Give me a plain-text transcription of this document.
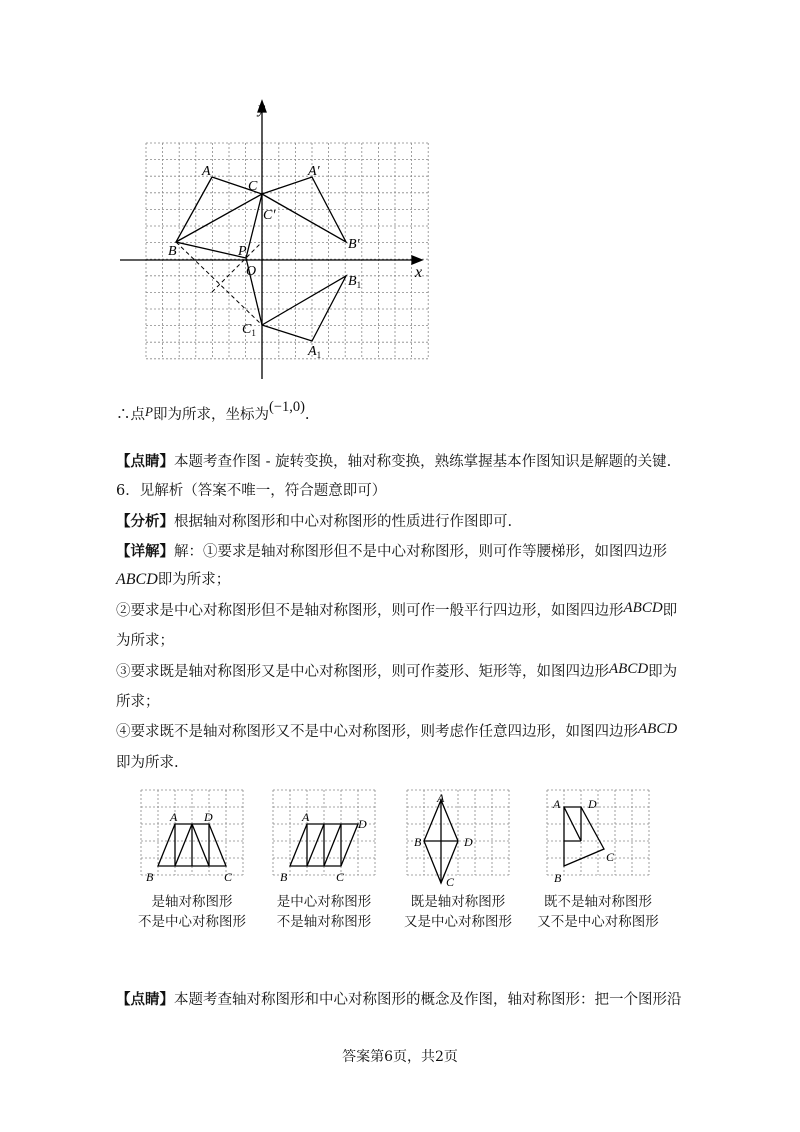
y
x
A	A′
B	B′
C
C′
P
O
$B_1$
$C_1$
$A_1$
∴点P即为所求，坐标为(−1,0).
【点睛】本题考查作图 - 旋转变换，轴对称变换，熟练掌握基本作图知识是解题的关键.
6．见解析（答案不唯一，符合题意即可）
【分析】根据轴对称图形和中心对称图形的性质进行作图即可.
【详解】解：①要求是轴对称图形但不是中心对称图形，则可作等腰梯形，如图四边形
ABCD即为所求；
②要求是中心对称图形但不是轴对称图形，则可作一般平行四边形，如图四边形ABCD即
为所求；
③要求既是轴对称图形又是中心对称图形，则可作菱形、矩形等，如图四边形ABCD即为
所求；
④要求既不是轴对称图形又不是中心对称图形，则考虑作任意四边形，如图四边形ABCD
即为所求.
A D
B	C
是轴对称图形
不是中心对称图形
A	D
B	C
是中心对称图形
不是轴对称图形
A
B	D
C
既是轴对称图形
又是中心对称图形
A D
C
B
既不是轴对称图形
又不是中心对称图形
【点睛】本题考查轴对称图形和中心对称图形的概念及作图，轴对称图形：把一个图形沿
答案第6页，共2页
